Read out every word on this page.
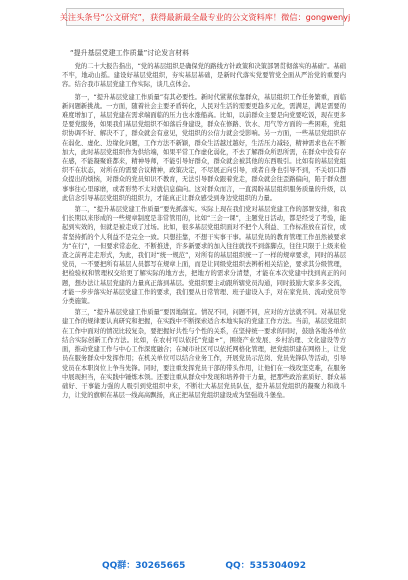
关注头条号“公文研究”，获得最新最全最专业的公文资料库！ 微信：gongwenyj
“提升基层党建工作质量”讨论发言材料

党的二十大报告指出，“党的基层组织是确保党的路线方针政策和决策部署贯彻落实的基础”。基础不牢，地动山摇。建设好基层党组织，夯实基层基础，是新时代落实党要管党全面从严治党的重要内容。结合我市基层党建工作实际，谈几点体会。

第一，“提升基层党建工作质量”有其必要性。新时代紧紧依靠群众，基层组织工作任务繁重，面临新问题新挑战。一方面，随着社会主要矛盾转化，人民对生活的需要更趋多元化，需满足，满足需要的难度增加了，基层党建在需求端面临的压力也水涨船高。比如，以前群众主要是向党要吃饭，现在更多是要党服务，如果我们基层党组织不如落后身建设，群众在修路、饮水、用气等方面的一些困难，党组织协调不好、解决不了，群众就会有意见，党组织的公信力就会受影响。另一方面，一些基层党组织存在弱化、虚化、边缘化问题，工作方法不新颖，群众生活越过越好，生活压力减轻，精神需求也在不断加大，此时基层党组织作为供给端，如果平常工作虚化弱化，不去了解群众所思所需，在群众中没有存在感，不能凝聚谁都来，精神导师，不能引导好群众，群众就会被其他的东西吸引。比如有的基层党组织不在状态，对所在的需要合议精神，政策决定，不尽展正向引导，或者自身也引导不到，不关切口群众提出的烦恼，对群众的党员知识不教育，无法引导群众跟着党走，群众就会往歪路偏向，陷于群众想事事往心里琢磨，或者形势不太对就信息偏向。这对群众而言，一直渴盼基层组织服务质量的升级，以此信念引导基层党组织的组织力，才能真正让群众感受到身边党组织的力量。

第二，“提升基层党建工作质量”要先抓落实。实际上现在我们党对基层党建工作的部署安排，和我们长期以来形成的一些规章制度是非常管用的，比如“三会一课”，主题党日活动，都是经受了考验，能起到实效的，但就是被走成了过场。比如，很多基层党组织面对不把个人利益、工作标准放在首位，或者坚持抓的个人利益不是完全一致。只想挂靠，不想干实事干事。基层党员的教育管理工作虽然被要求为“在行”，一但要求常态化、不断推进，许多新要求的加入往往就找不到落脚点，往往只限于上级来检查之前再走走形式，为此，我们对“统一规范”，对所有的基层组织统一了一样的规章要求，同时的基层党员，一不要把所有基层人员都写在规章上面，而是让同级党组织去辨析相关结论，要求其分级管理，把检验权和管理权交给更了解实际的地方去，把地方的需求分清楚，才能在本次党建中找到真正的问题，想办法让基层党建的力量真正落到基层。党组织要主动跟所辖党员沟通，同时鼓励大家多多交流，才能一步步落实好基层党建工作的要求，我们要从日常管理、班子建设入手，对在家党员、流动党员等分类施策。

第三，“提升基层党建工作质量”要因地制宜。情况不同，问题不同，应对的方法就不同。对基层党建工作的规律要认真研究和把握，在实践中不断探索适合本地实际的党建工作方法。当前，基层党组织在工作中面对的情况比较复杂，要把握好共性与个性的关系，在坚持统一要求的同时，鼓励各地各单位结合实际创新工作方法。比如，在农村可以依托“党建+”，围绕产业发展、乡村治理、文化建设等方面，推动党建工作与中心工作深度融合；在城市社区可以依托网格化管理，把党组织建在网格上，让党员在服务群众中发挥作用；在机关单位可以结合业务工作，开展党员示范岗、党员先锋队等活动，引导党员在本职岗位上争当先锋。同时，要注重发挥党员干部的带头作用，让他们在一线攻坚克难，在服务中展现担当，在实践中锤炼本领。还要注重从群众中发现和培养骨干力量，把那些政治素质好、群众基础好、干事能力强的人吸引到党组织中来，不断壮大基层党员队伍，提升基层党组织的凝聚力和战斗力，让党的旗帜在基层一线高高飘扬，真正把基层党组织建设成为坚强战斗堡垒。

QQ群：30265665	QQ：535304092
